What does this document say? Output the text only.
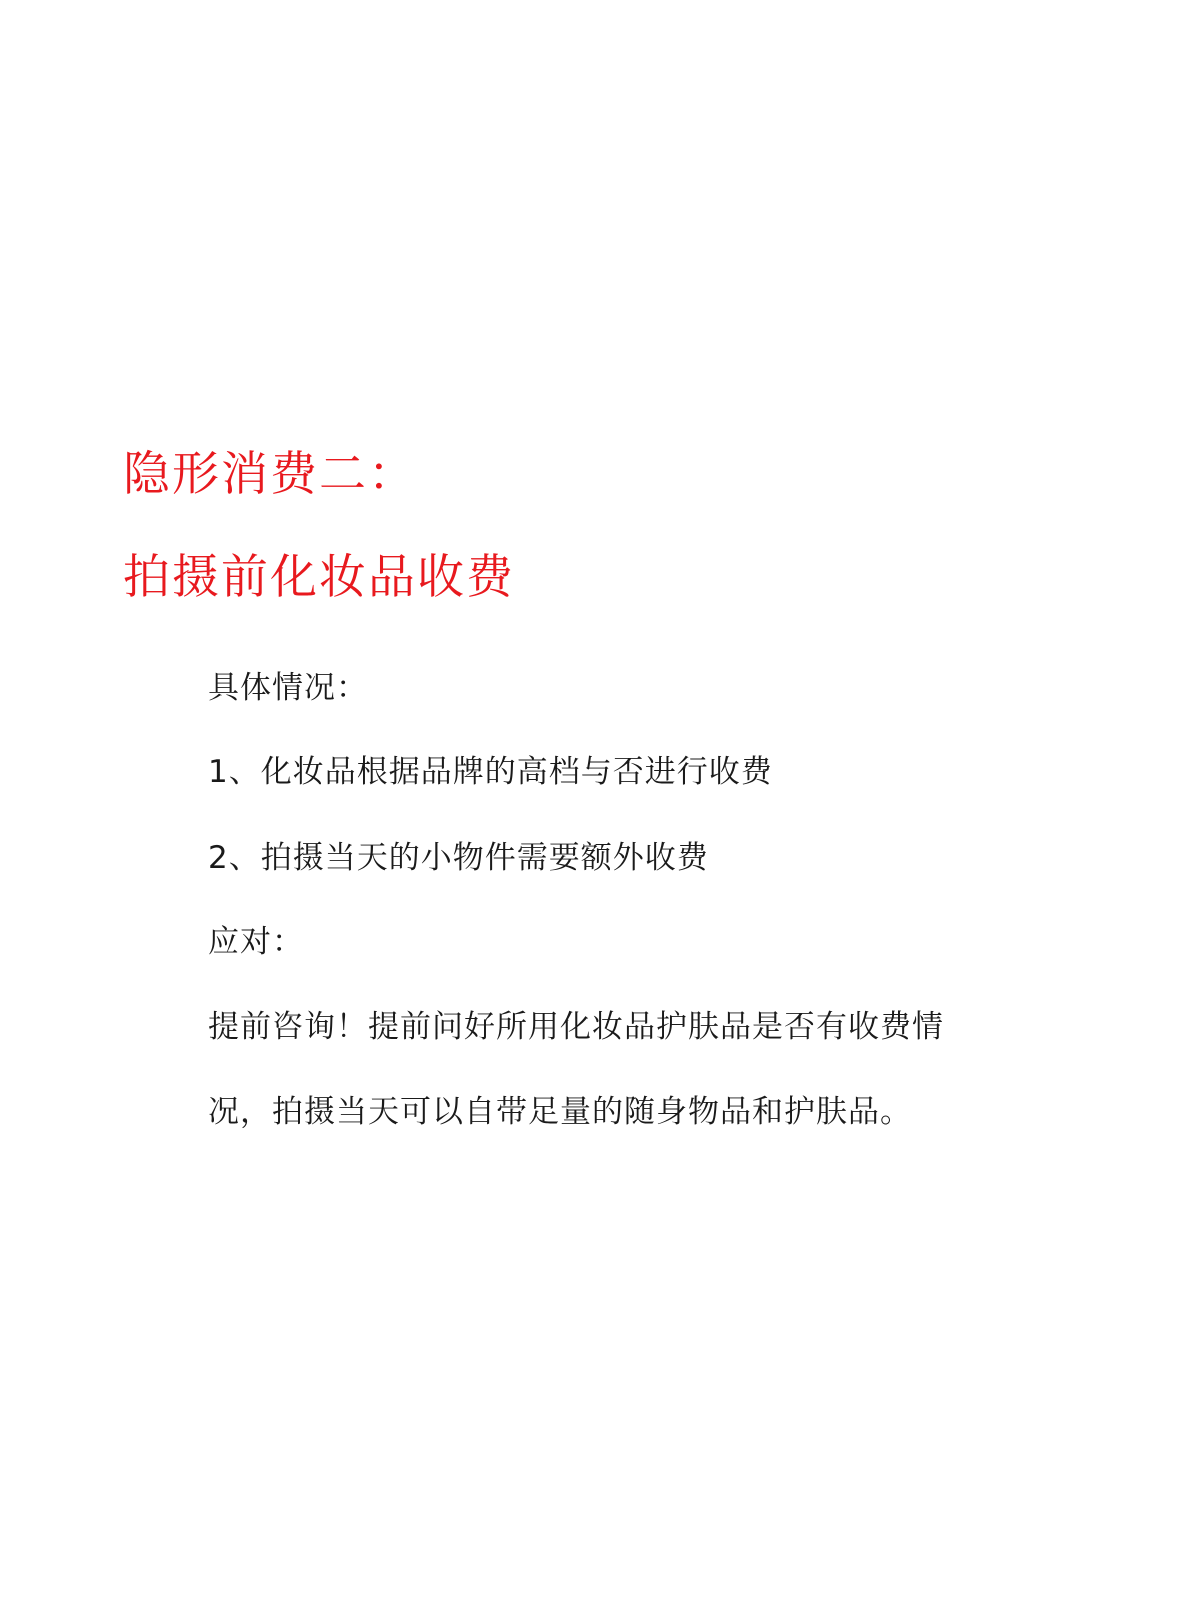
隐形消费二：
拍摄前化妆品收费
具体情况：
1、化妆品根据品牌的高档与否进行收费
2、拍摄当天的小物件需要额外收费
应对：
提前咨询！提前问好所用化妆品护肤品是否有收费情
况，拍摄当天可以自带足量的随身物品和护肤品。
